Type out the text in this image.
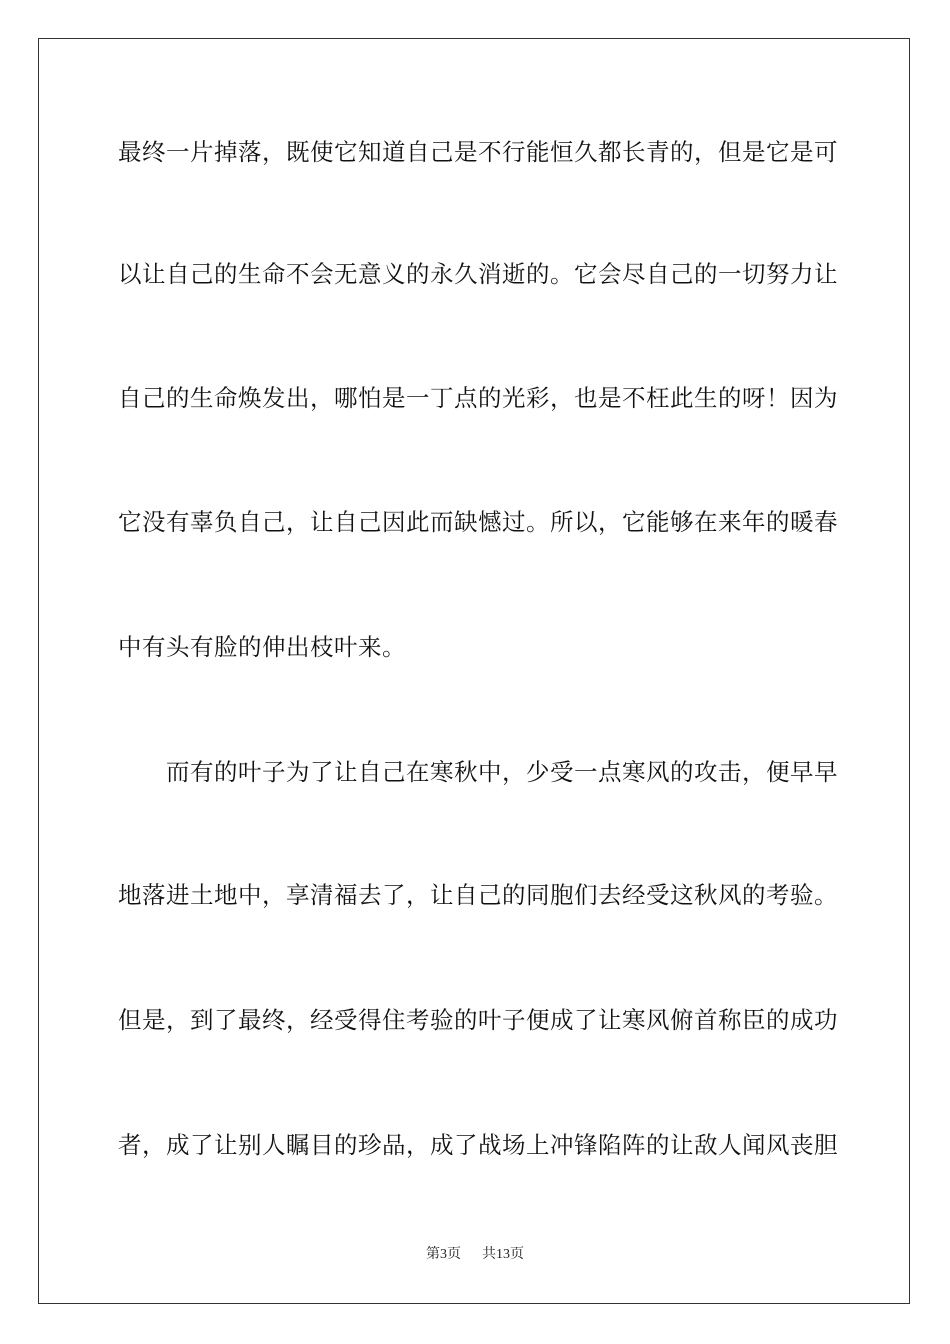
最终一片掉落，既使它知道自己是不行能恒久都长青的，但是它是可
以让自己的生命不会无意义的永久消逝的。它会尽自己的一切努力让
自己的生命焕发出，哪怕是一丁点的光彩，也是不枉此生的呀！因为
它没有辜负自己，让自己因此而缺憾过。所以，它能够在来年的暖春
中有头有脸的伸出枝叶来。
　　而有的叶子为了让自己在寒秋中，少受一点寒风的攻击，便早早
地落进土地中，享清福去了，让自己的同胞们去经受这秋风的考验。
但是，到了最终，经受得住考验的叶子便成了让寒风俯首称臣的成功
者，成了让别人瞩目的珍品，成了战场上冲锋陷阵的让敌人闻风丧胆
第3页 共13页
